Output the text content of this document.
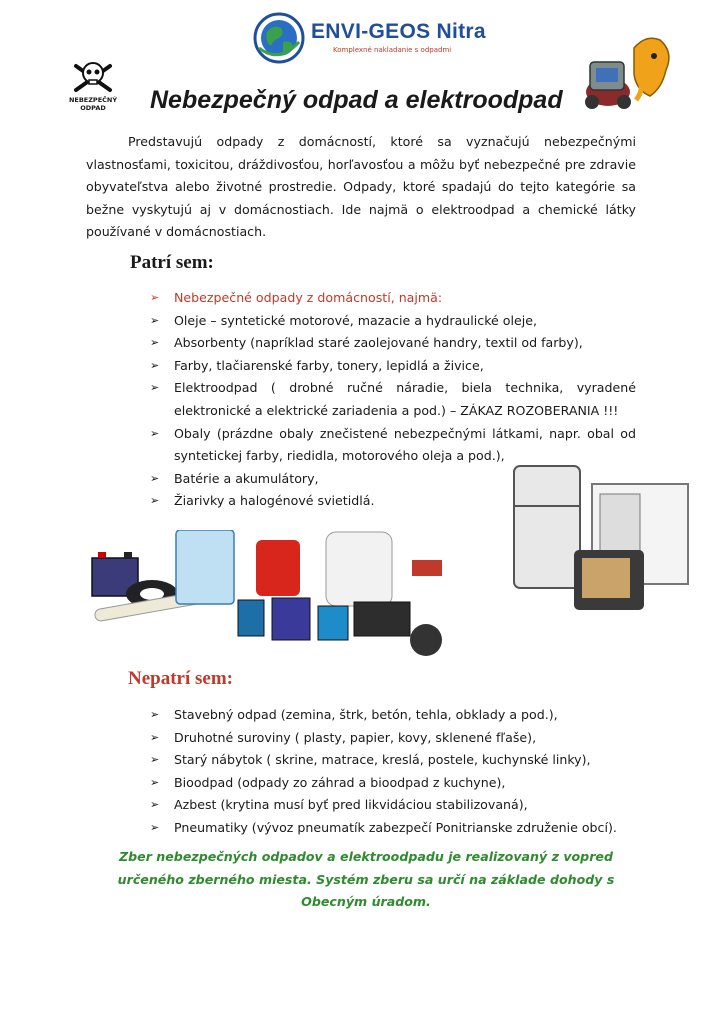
ENVI-GEOS Nitra
Komplexné nakladanie s odpadmi
NEBEZPEČNÝ
ODPAD	Nebezpečný odpad a elektroodpad
Predstavujú odpady z domácností, ktoré sa vyznačujú nebezpečnými vlastnosťami, toxicitou, dráždivosťou, horľavosťou a môžu byť nebezpečné pre zdravie obyvateľstva alebo životné prostredie. Odpady, ktoré spadajú do tejto kategórie sa bežne vyskytujú aj v domácnostiach. Ide najmä o elektroodpad a chemické látky používané v domácnostiach.
Patrí sem:
➢ Nebezpečné odpady z domácností, najmä:
➢ Oleje – syntetické motorové, mazacie a hydraulické oleje,
➢ Absorbenty (napríklad staré zaolejované handry, textil od farby),
➢ Farby, tlačiarenské farby, tonery, lepidlá a živice,
➢ Elektroodpad ( drobné ručné náradie, biela technika, vyradené elektronické a elektrické zariadenia a pod.) – ZÁKAZ ROZOBERANIA !!!
➢ Obaly (prázdne obaly znečistené nebezpečnými látkami, napr. obal od syntetickej farby, riedidla, motorového oleja a pod.),
➢ Batérie a akumulátory,
➢ Žiarivky a halogénové svietidlá.
Nepatrí sem:
➢ Stavebný odpad (zemina, štrk, betón, tehla, obklady a pod.),
➢ Druhotné suroviny ( plasty, papier, kovy, sklenené fľaše),
➢ Starý nábytok ( skrine, matrace, kreslá, postele, kuchynské linky),
➢ Bioodpad (odpady zo záhrad a bioodpad z kuchyne),
➢ Azbest (krytina musí byť pred likvidáciou stabilizovaná),
➢ Pneumatiky (vývoz pneumatík zabezpečí Ponitrianske združenie obcí).
Zber nebezpečných odpadov a elektroodpadu je realizovaný z vopred určeného zberného miesta. Systém zberu sa určí na základe dohody s Obecným úradom.
